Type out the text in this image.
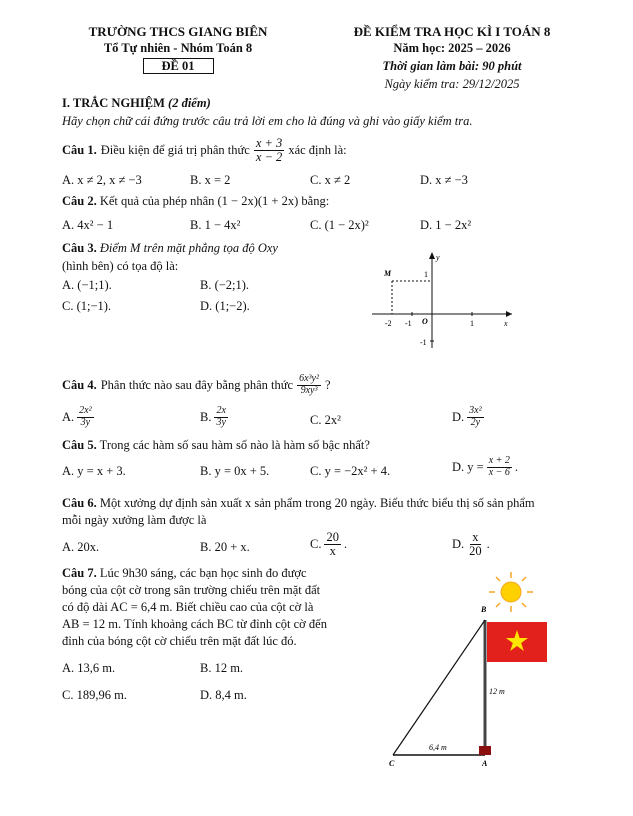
TRƯỜNG THCS GIANG BIÊN
Tổ Tự nhiên - Nhóm Toán 8
ĐỀ 01
ĐỀ KIỂM TRA HỌC KÌ I TOÁN 8
Năm học: 2025 – 2026
Thời gian làm bài: 90 phút
Ngày kiểm tra: 29/12/2025
I. TRẮC NGHIỆM (2 điểm)
Hãy chọn chữ cái đứng trước câu trả lời em cho là đúng và ghi vào giấy kiểm tra.
Câu 1. Điều kiện để giá trị phân thức $\frac{x + 3}{x - 2}$ xác định là:
A. x ≠ 2, x ≠ −3	B. x = 2	C. x ≠ 2	D. x ≠ −3
Câu 2. Kết quả của phép nhân (1 − 2x)(1 + 2x) bằng:
A. 4x² − 1	B. 1 − 4x²	C. (1 − 2x)²	D. 1 − 2x²
Câu 3. Điểm M trên mặt phẳng tọa độ Oxy
(hình bên) có tọa độ là:
A. (−1;1).	B. (−2;1).
C. (1;−1).	D. (1;−2).
y
x
O
M	1
-1
-2 -1	1
Câu 4. Phân thức nào sau đây bằng phân thức $\frac{\text{6x³y²}}{\text{9xy³}}$ ?
A. $\frac{\text{2x²}}{3y}$	B. $\frac{2x}{3y}$	C. 2x²	D. $\frac{\text{3x²}}{2y}$
Câu 5. Trong các hàm số sau hàm số nào là hàm số bậc nhất?
A. y = x + 3.	B. y = 0x + 5.	C. y = −2x² + 4.	D. $y = \frac{x + 2}{x - 6}$ .
Câu 6. Một xưởng dự định sản xuất x sản phẩm trong 20 ngày. Biểu thức biểu thị số sản phẩm
mỗi ngày xưởng làm được là
A. 20x.	B. 20 + x.	C. $\frac{20}{x}$ .	D. $\frac{x}{20}$ .
Câu 7. Lúc 9h30 sáng, các bạn học sinh đo được
bóng của cột cờ trong sân trường chiếu trên mặt đất
có độ dài AC = 6,4 m. Biết chiều cao của cột cờ là
AB = 12 m. Tính khoảng cách BC từ đỉnh cột cờ đến
đỉnh của bóng cột cờ chiếu trên mặt đất lúc đó.
A. 13,6 m.	B. 12 m.
C. 189,96 m.	D. 8,4 m.
B
A
C
12 m
6,4 m
